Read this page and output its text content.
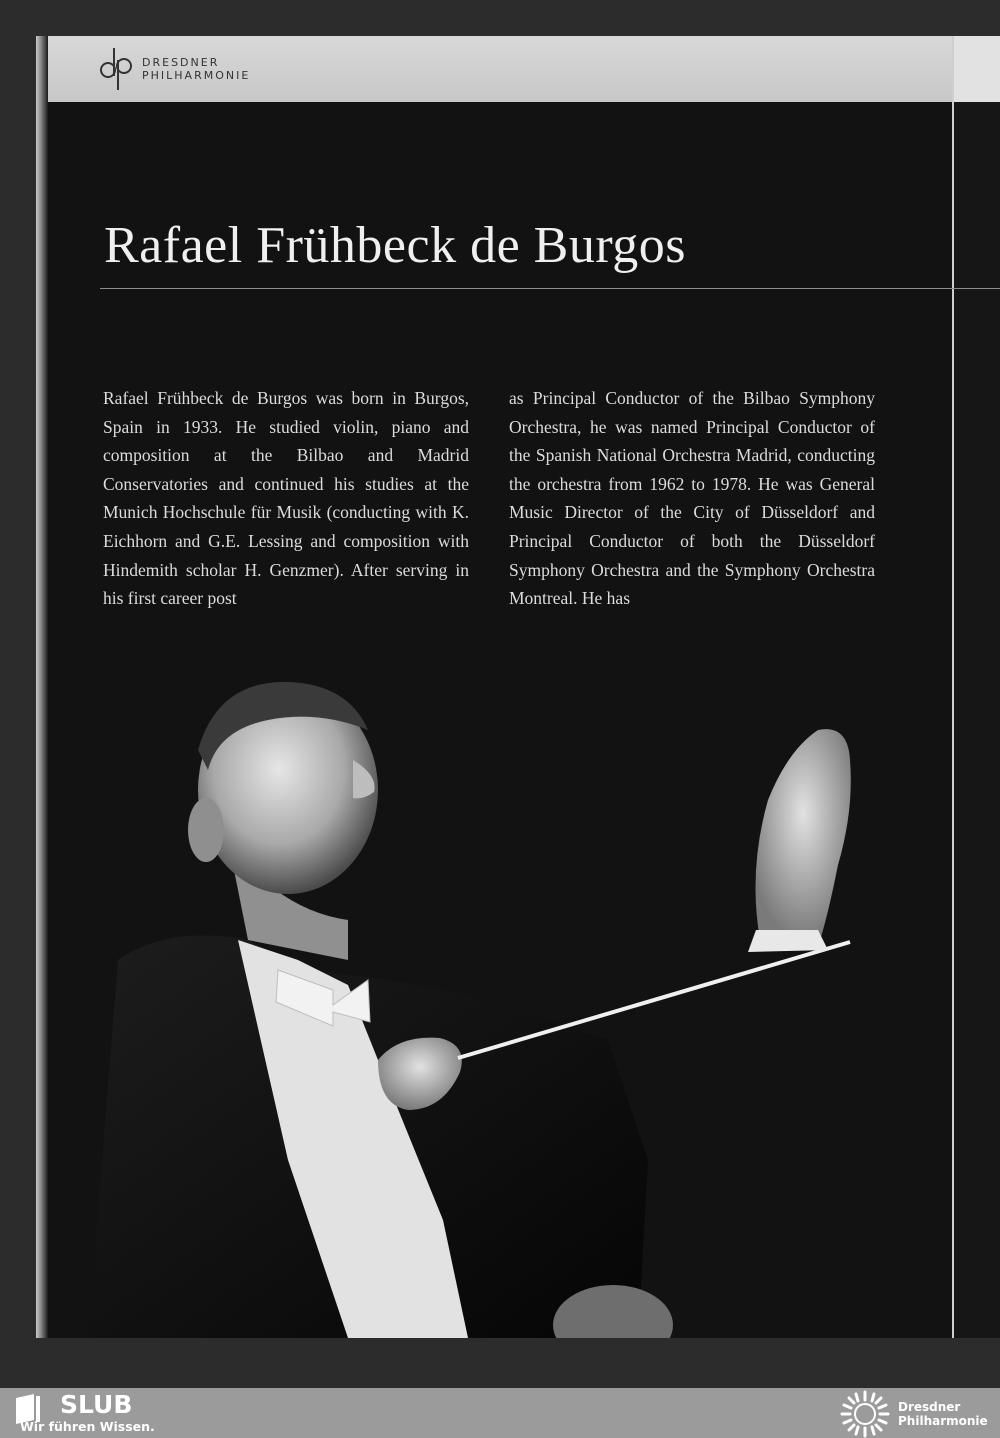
DRESDNER
PHILHARMONIE
Rafael Frühbeck de Burgos

Rafael Frühbeck de Burgos was born in Burgos, Spain in 1933. He studied violin, piano and composition at the Bilbao and Madrid Conservatories and continued his studies at the Munich Hochschule für Musik (conducting with K. Eichhorn and G.E. Lessing and composition with Hindemith scholar H. Genzmer). After serving in his first career post

as Principal Conductor of the Bilbao Symphony Orchestra, he was named Principal Conductor of the Spanish National Orchestra Madrid, conducting the orchestra from 1962 to 1978. He was General Music Director of the City of Düsseldorf and Principal Conductor of both the Düsseldorf Symphony Orchestra and the Symphony Orchestra Montreal. He has

SLUB
Wir führen Wissen.
Dresdner
Philharmonie
